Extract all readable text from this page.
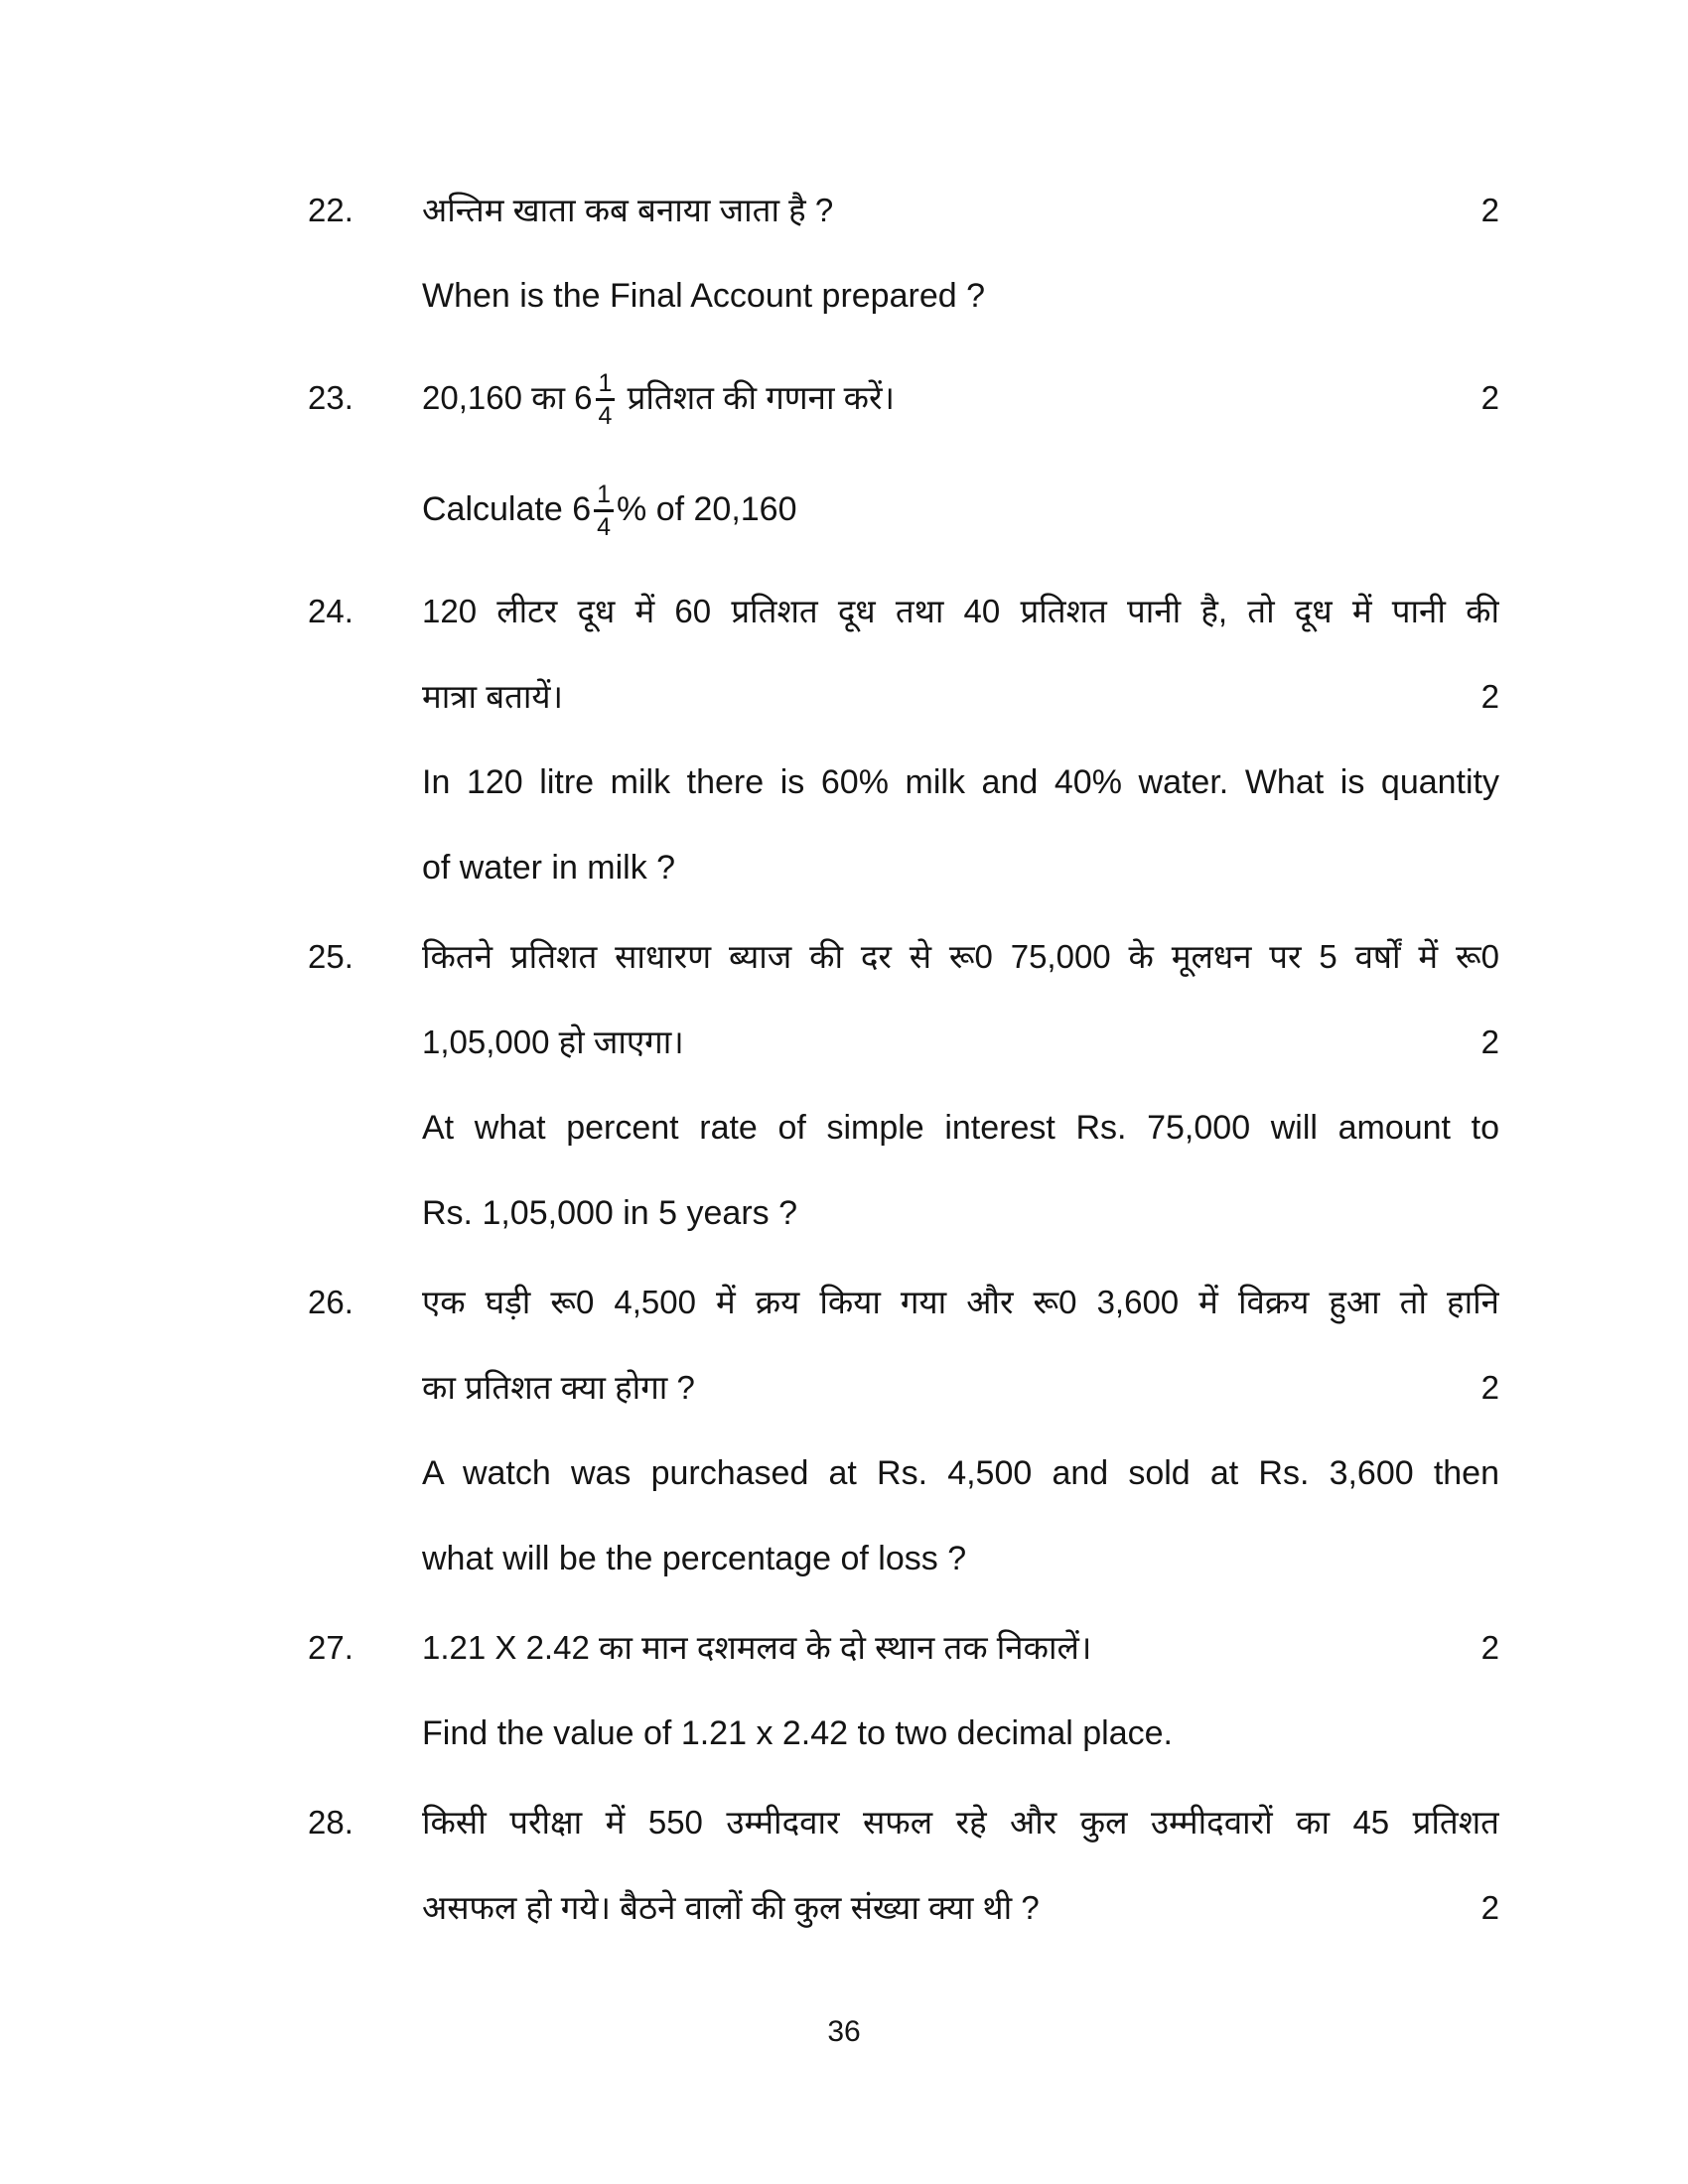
22.	अन्तिम खाता कब बनाया जाता है ?	2
When is the Final Account prepared ?
23.	20,160 का $6 \frac{1}{4}$ प्रतिशत की गणना करें।	2
Calculate $6 \frac{1}{4}$ % of 20,160
24.	120 लीटर दूध में 60 प्रतिशत दूध तथा 40 प्रतिशत पानी है, तो दूध में पानी की
मात्रा बतायें।	2
In 120 litre milk there is 60% milk and 40% water. What is quantity
of water in milk ?
25.	कितने प्रतिशत साधारण ब्याज की दर से रू0 75,000 के मूलधन पर 5 वर्षों में रू0
1,05,000 हो जाएगा।	2
At what percent rate of simple interest Rs. 75,000 will amount to
Rs. 1,05,000 in 5 years ?
26.	एक घड़ी रू0 4,500 में क्रय किया गया और रू0 3,600 में विक्रय हुआ तो हानि
का प्रतिशत क्या होगा ?	2
A watch was purchased at Rs. 4,500 and sold at Rs. 3,600 then
what will be the percentage of loss ?
27.	1.21 X 2.42 का मान दशमलव के दो स्थान तक निकालें।	2
Find the value of 1.21 x 2.42 to two decimal place.
28.	किसी परीक्षा में 550 उम्मीदवार सफल रहे और कुल उम्मीदवारों का 45 प्रतिशत
असफल हो गये। बैठने वालों की कुल संख्या क्या थी ?	2
36
